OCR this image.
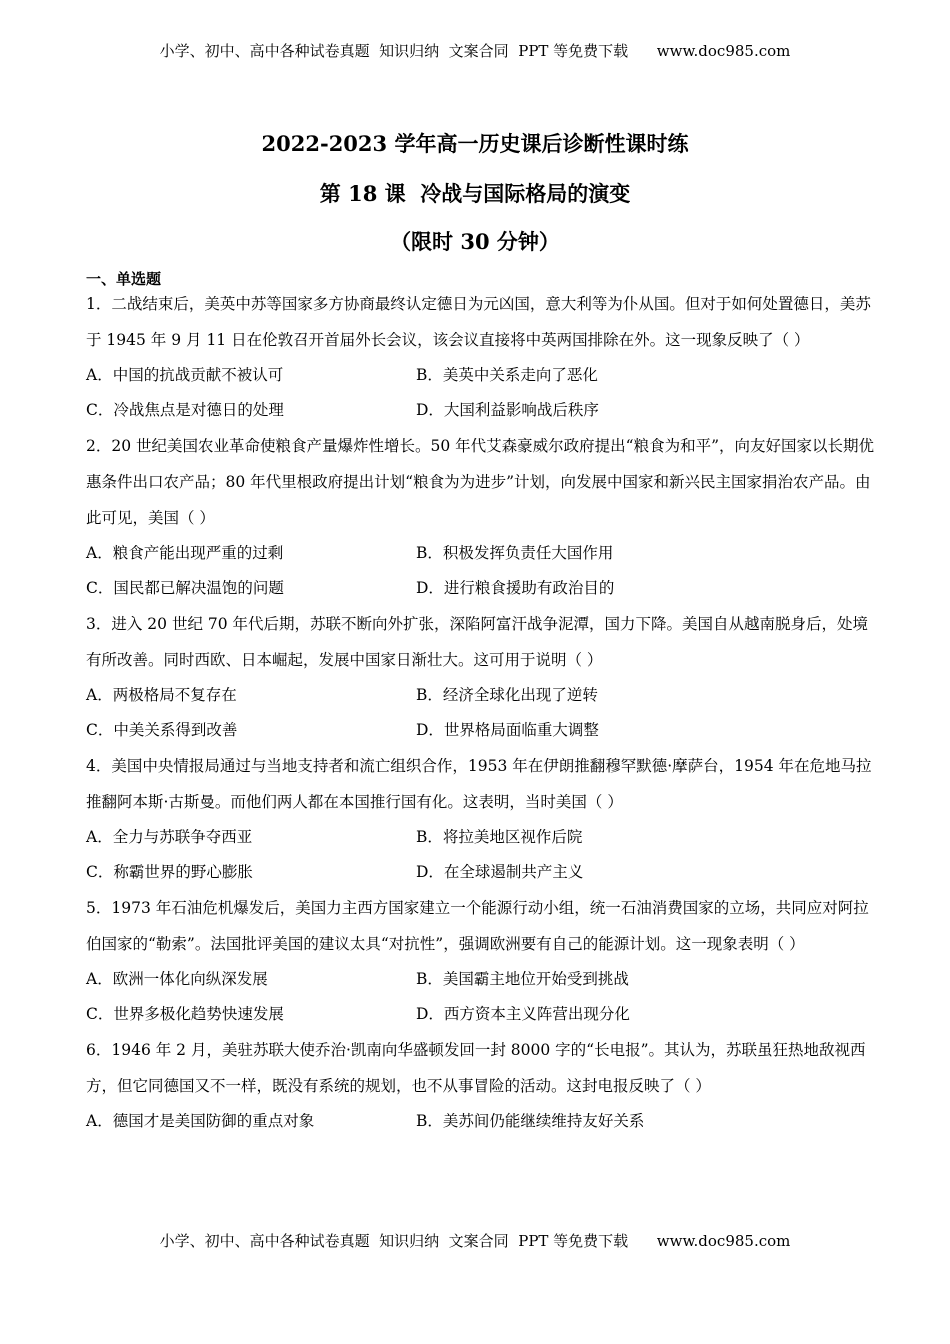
小学、初中、高中各种试卷真题  知识归纳  文案合同  PPT 等免费下载      www.doc985.com
2022-2023 学年高一历史课后诊断性课时练
第 18 课  冷战与国际格局的演变
（限时 30 分钟）
一、单选题
1．二战结束后，美英中苏等国家多方协商最终认定德日为元凶国，意大利等为仆从国。但对于如何处置德日，美苏于 1945 年 9 月 11 日在伦敦召开首届外长会议，该会议直接将中英两国排除在外。这一现象反映了（ ）
A．中国的抗战贡献不被认可	B．美英中关系走向了恶化
C．冷战焦点是对德日的处理	D．大国利益影响战后秩序
2．20 世纪美国农业革命使粮食产量爆炸性增长。50 年代艾森豪威尔政府提出“粮食为和平”，向友好国家以长期优惠条件出口农产品；80 年代里根政府提出计划“粮食为为进步”计划，向发展中国家和新兴民主国家捐治农产品。由此可见，美国（ ）
A．粮食产能出现严重的过剩	B．积极发挥负责任大国作用
C．国民都已解决温饱的问题	D．进行粮食援助有政治目的
3．进入 20 世纪 70 年代后期，苏联不断向外扩张，深陷阿富汗战争泥潭，国力下降。美国自从越南脱身后，处境有所改善。同时西欧、日本崛起，发展中国家日渐壮大。这可用于说明（ ）
A．两极格局不复存在	B．经济全球化出现了逆转
C．中美关系得到改善	D．世界格局面临重大调整
4．美国中央情报局通过与当地支持者和流亡组织合作，1953 年在伊朗推翻穆罕默德·摩萨台，1954 年在危地马拉推翻阿本斯·古斯曼。而他们两人都在本国推行国有化。这表明，当时美国（ ）
A．全力与苏联争夺西亚	B．将拉美地区视作后院
C．称霸世界的野心膨胀	D．在全球遏制共产主义
5．1973 年石油危机爆发后，美国力主西方国家建立一个能源行动小组，统一石油消费国家的立场，共同应对阿拉伯国家的“勒索”。法国批评美国的建议太具“对抗性”，强调欧洲要有自己的能源计划。这一现象表明（ ）
A．欧洲一体化向纵深发展	B．美国霸主地位开始受到挑战
C．世界多极化趋势快速发展	D．西方资本主义阵营出现分化
6．1946 年 2 月，美驻苏联大使乔治·凯南向华盛顿发回一封 8000 字的“长电报”。其认为，苏联虽狂热地敌视西方，但它同德国又不一样，既没有系统的规划，也不从事冒险的活动。这封电报反映了（ ）
A．德国才是美国防御的重点对象	B．美苏间仍能继续维持友好关系
小学、初中、高中各种试卷真题  知识归纳  文案合同  PPT 等免费下载      www.doc985.com
